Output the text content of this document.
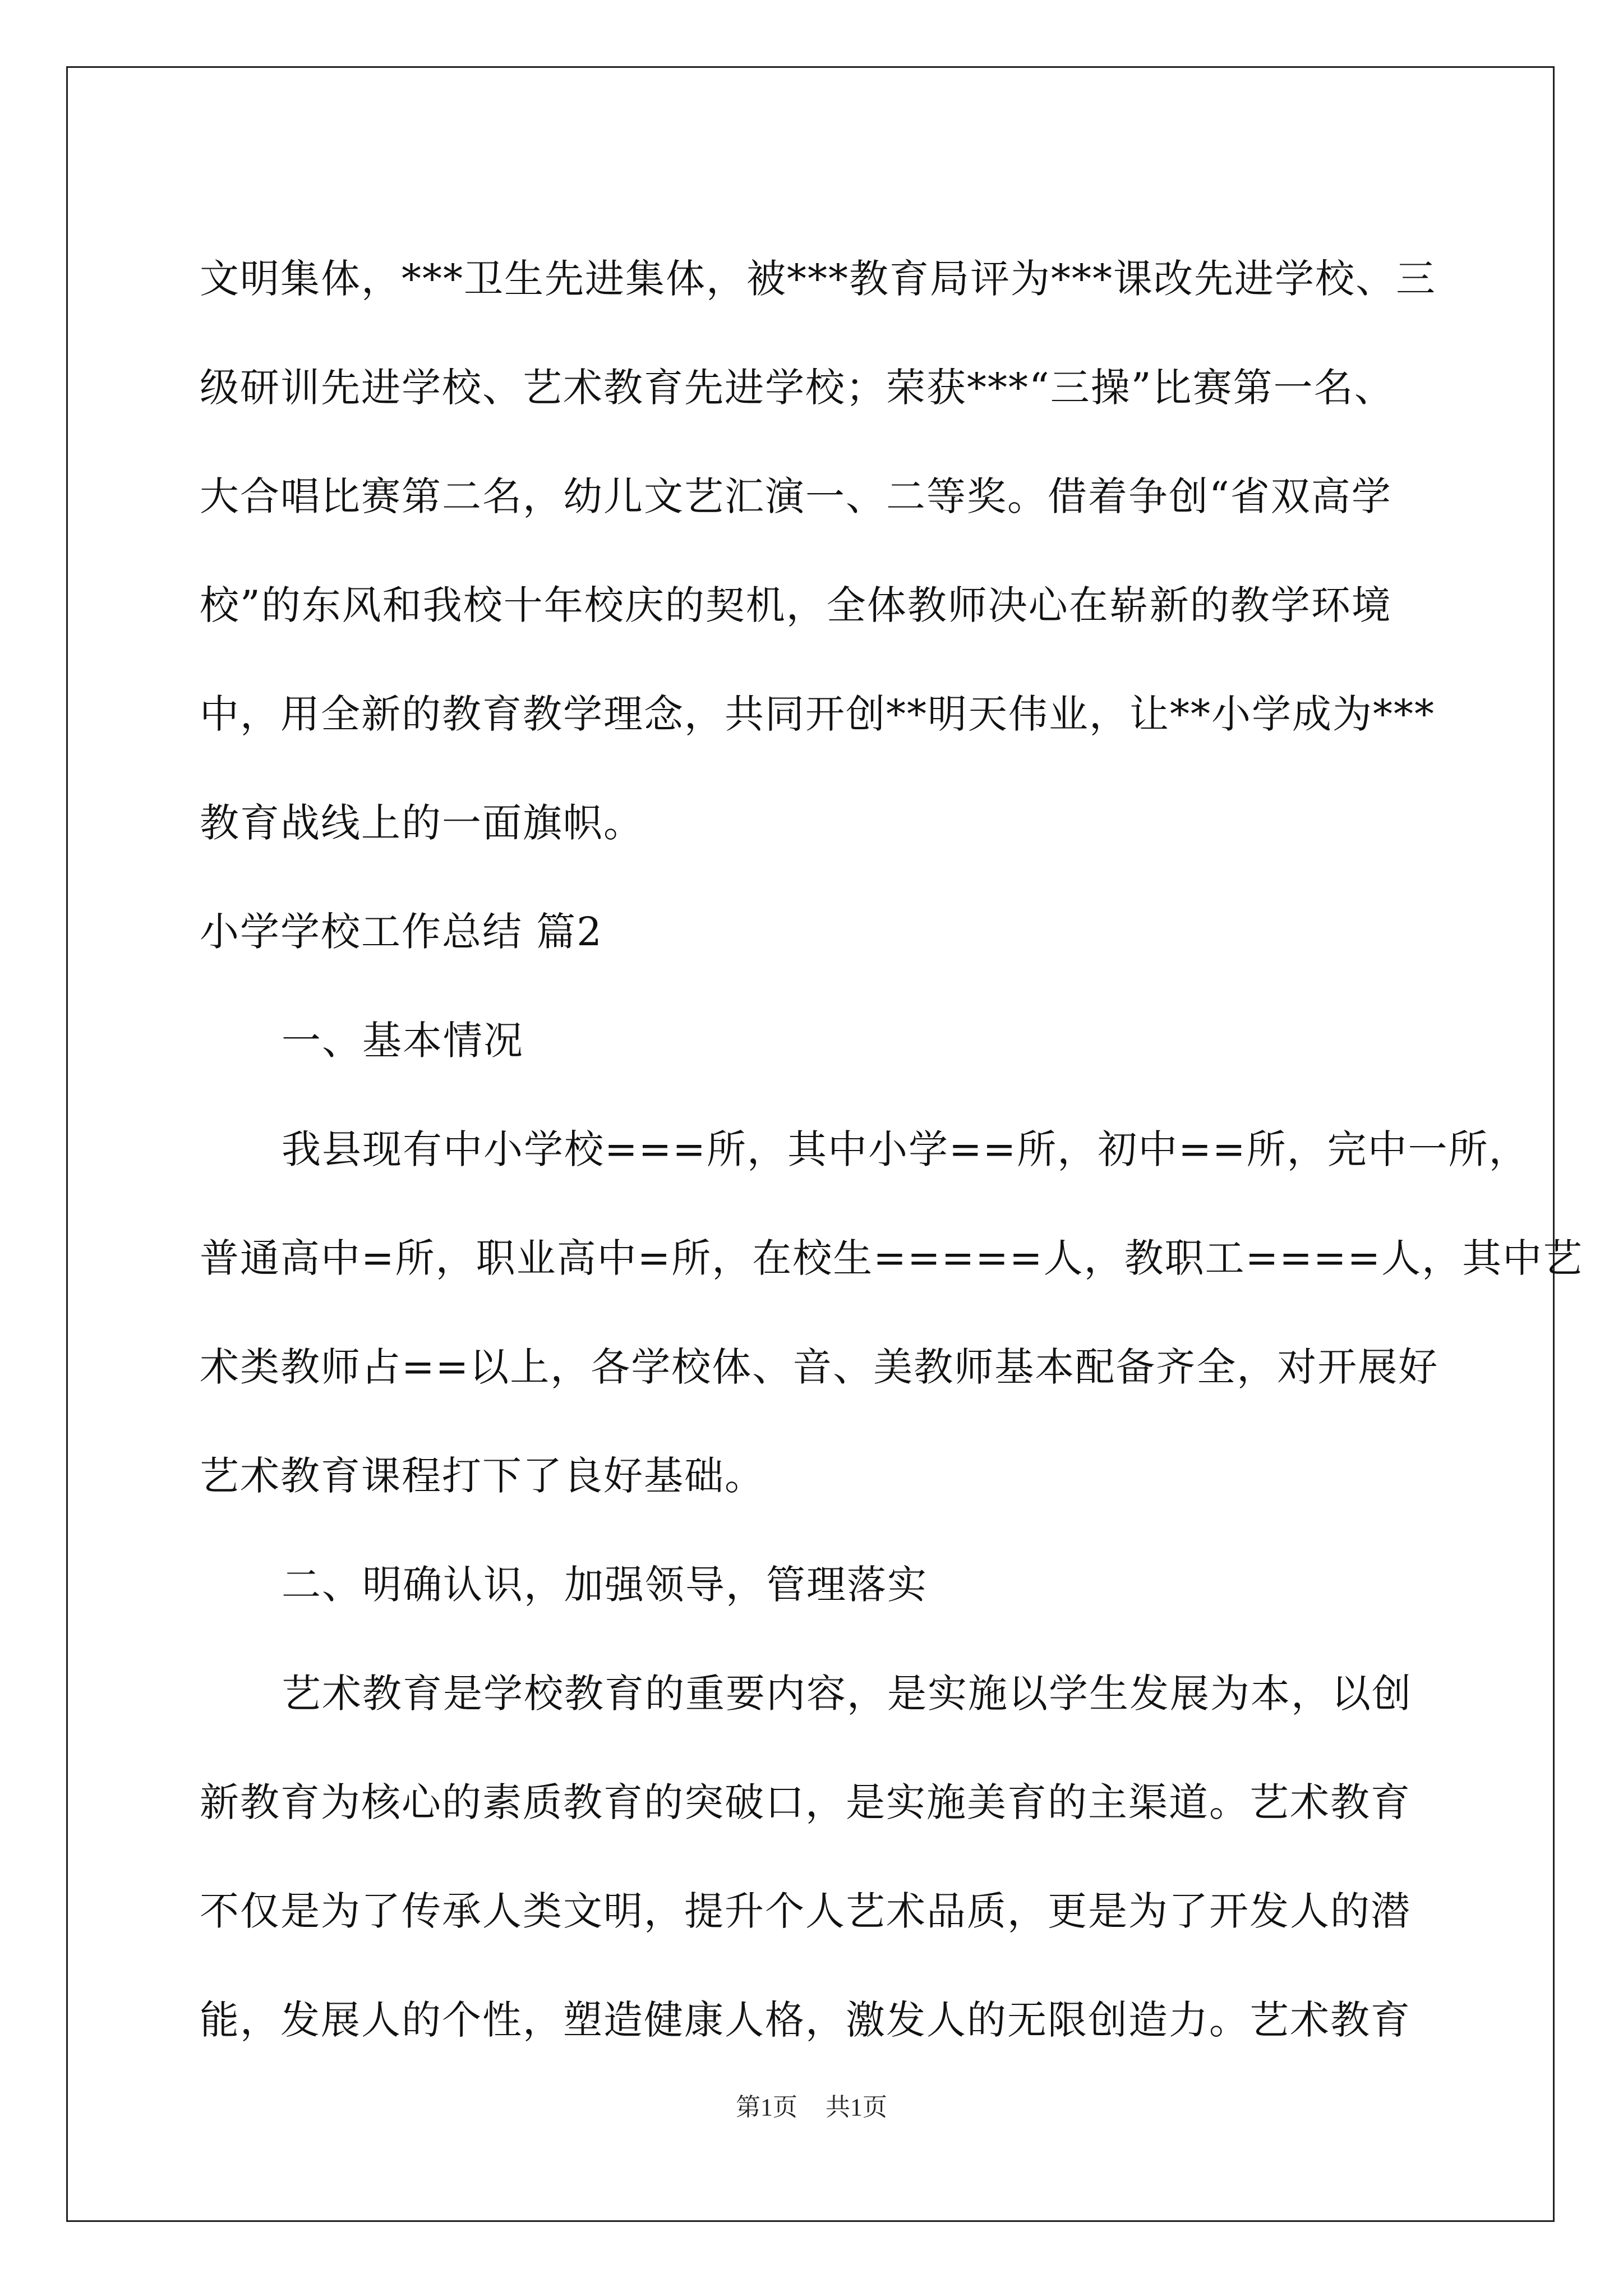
文明集体，***卫生先进集体，被***教育局评为***课改先进学校、三
级研训先进学校、艺术教育先进学校；荣获***“三操”比赛第一名、
大合唱比赛第二名，幼儿文艺汇演一、二等奖。借着争创“省双高学
校”的东风和我校十年校庆的契机，全体教师决心在崭新的教学环境
中，用全新的教育教学理念，共同开创**明天伟业，让**小学成为***
教育战线上的一面旗帜。
小学学校工作总结 篇2
一、基本情况
我县现有中小学校===所，其中小学==所，初中==所，完中一所，
普通高中=所，职业高中=所，在校生=====人，教职工====人，其中艺
术类教师占==以上，各学校体、音、美教师基本配备齐全，对开展好
艺术教育课程打下了良好基础。
二、明确认识，加强领导，管理落实
艺术教育是学校教育的重要内容，是实施以学生发展为本，以创
新教育为核心的素质教育的突破口，是实施美育的主渠道。艺术教育
不仅是为了传承人类文明，提升个人艺术品质，更是为了开发人的潜
能，发展人的个性，塑造健康人格，激发人的无限创造力。艺术教育
第1页 共1页
